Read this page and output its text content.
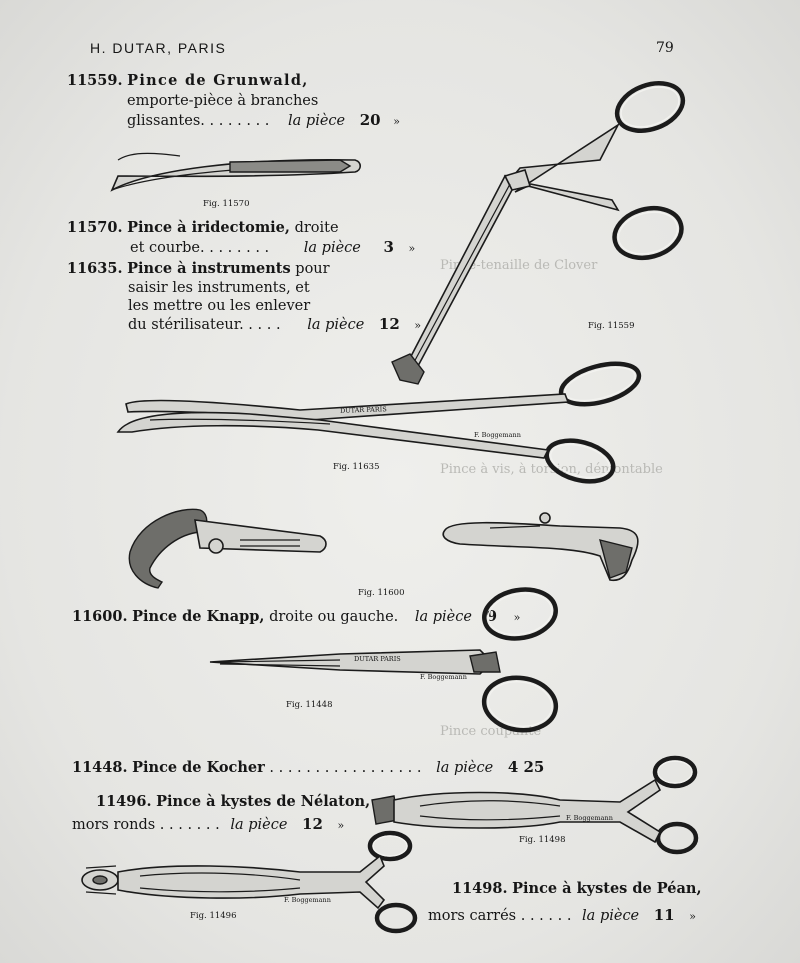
Pince-tenaille de Clover
Pince à vis, à torsion, démontable
Pince coupante
H. DUTAR, PARIS	79
11559. Pince de Grunwald,
emporte-pièce à branches
glissantes. . . . . . . . la pièce 20 »
11570. Pince à iridectomie, droite
et courbe. . . . . . . . la pièce 3 »
11635. Pince à instruments pour
saisir les instruments, et
les mettre ou les enlever
du stérilisateur. . . . . la pièce 12 »
11600. Pince de Knapp, droite ou gauche. la pièce 9 »
11448. Pince de Kocher . . . . . . . . . . . . . . . . . la pièce 4 25
11496. Pince à kystes de Nélaton,
mors ronds . . . . . . . la pièce 12 »
11498. Pince à kystes de Péan,
mors carrés . . . . . . la pièce 11 »
Fig. 11570
Fig. 11559
Fig. 11635
Fig. 11600
Fig. 11448
Fig. 11498
Fig. 11496
DUTAR PARIS
F. Boggemann
DUTAR PARIS
F. Boggemann
F. Boggemann
F. Boggemann
